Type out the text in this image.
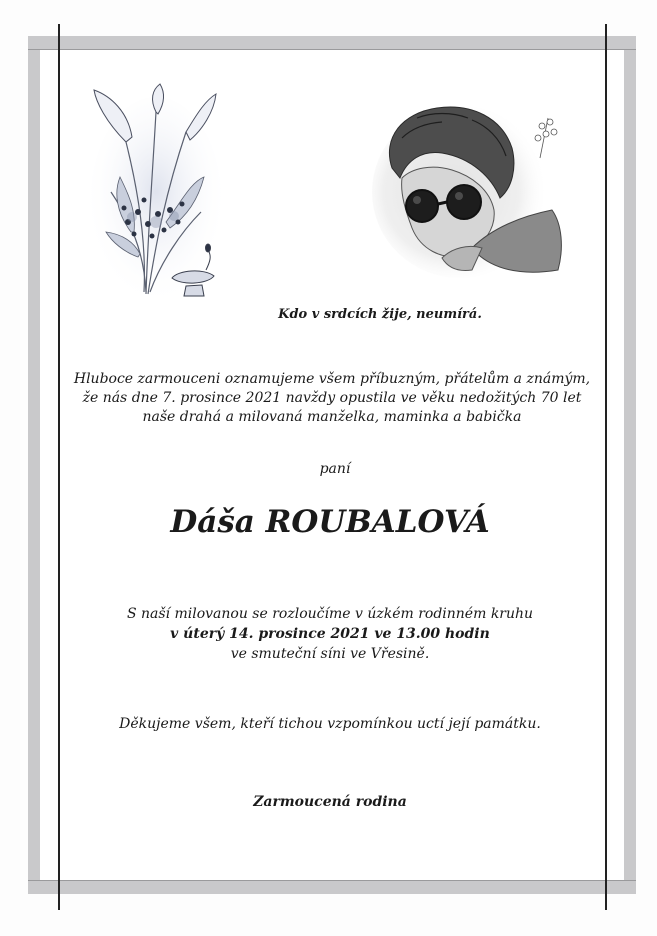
Kdo v srdcích žije, neumírá.
Hluboce zarmouceni oznamujeme všem příbuzným, přátelům a známým,
že nás dne 7. prosince 2021 navždy opustila ve věku nedožitých 70 let
naše drahá a milovaná manželka, maminka a babička
paní
Dáša ROUBALOVÁ
S naší milovanou se rozloučíme v úzkém rodinném kruhu
v úterý 14. prosince 2021 ve 13.00 hodin
ve smuteční síni ve Vřesině.
Děkujeme všem, kteří tichou vzpomínkou uctí její památku.
Zarmoucená rodina
